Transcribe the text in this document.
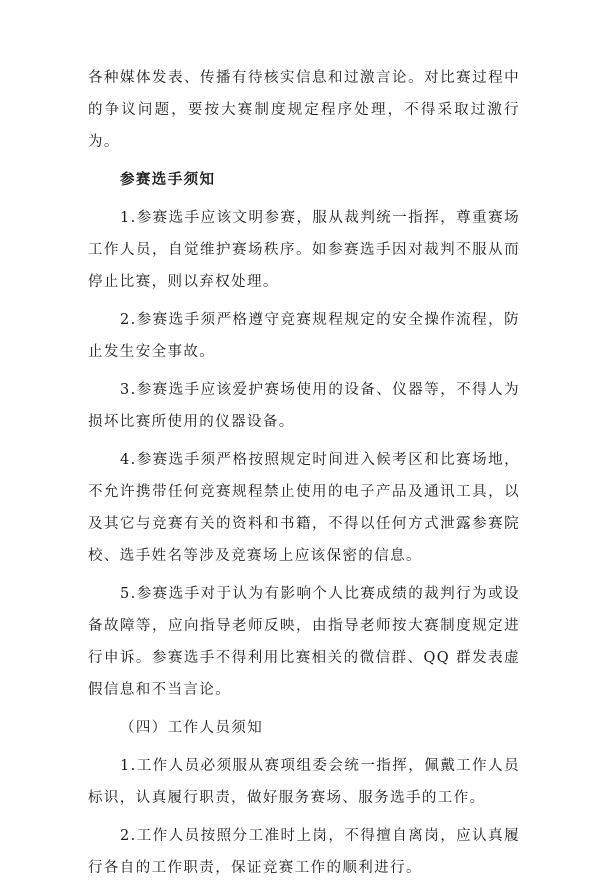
各种媒体发表、传播有待核实信息和过激言论。对比赛过程中的争议问题，要按大赛制度规定程序处理，不得采取过激行为。

参赛选手须知

1.参赛选手应该文明参赛，服从裁判统一指挥，尊重赛场工作人员，自觉维护赛场秩序。如参赛选手因对裁判不服从而停止比赛，则以弃权处理。

2.参赛选手须严格遵守竞赛规程规定的安全操作流程，防止发生安全事故。

3.参赛选手应该爱护赛场使用的设备、仪器等，不得人为损坏比赛所使用的仪器设备。

4.参赛选手须严格按照规定时间进入候考区和比赛场地，不允许携带任何竞赛规程禁止使用的电子产品及通讯工具，以及其它与竞赛有关的资料和书籍，不得以任何方式泄露参赛院校、选手姓名等涉及竞赛场上应该保密的信息。

5.参赛选手对于认为有影响个人比赛成绩的裁判行为或设备故障等，应向指导老师反映，由指导老师按大赛制度规定进行申诉。参赛选手不得利用比赛相关的微信群、QQ 群发表虚假信息和不当言论。

（四）工作人员须知

1.工作人员必须服从赛项组委会统一指挥，佩戴工作人员标识，认真履行职责，做好服务赛场、服务选手的工作。

2.工作人员按照分工准时上岗，不得擅自离岗，应认真履行各自的工作职责，保证竞赛工作的顺利进行。
